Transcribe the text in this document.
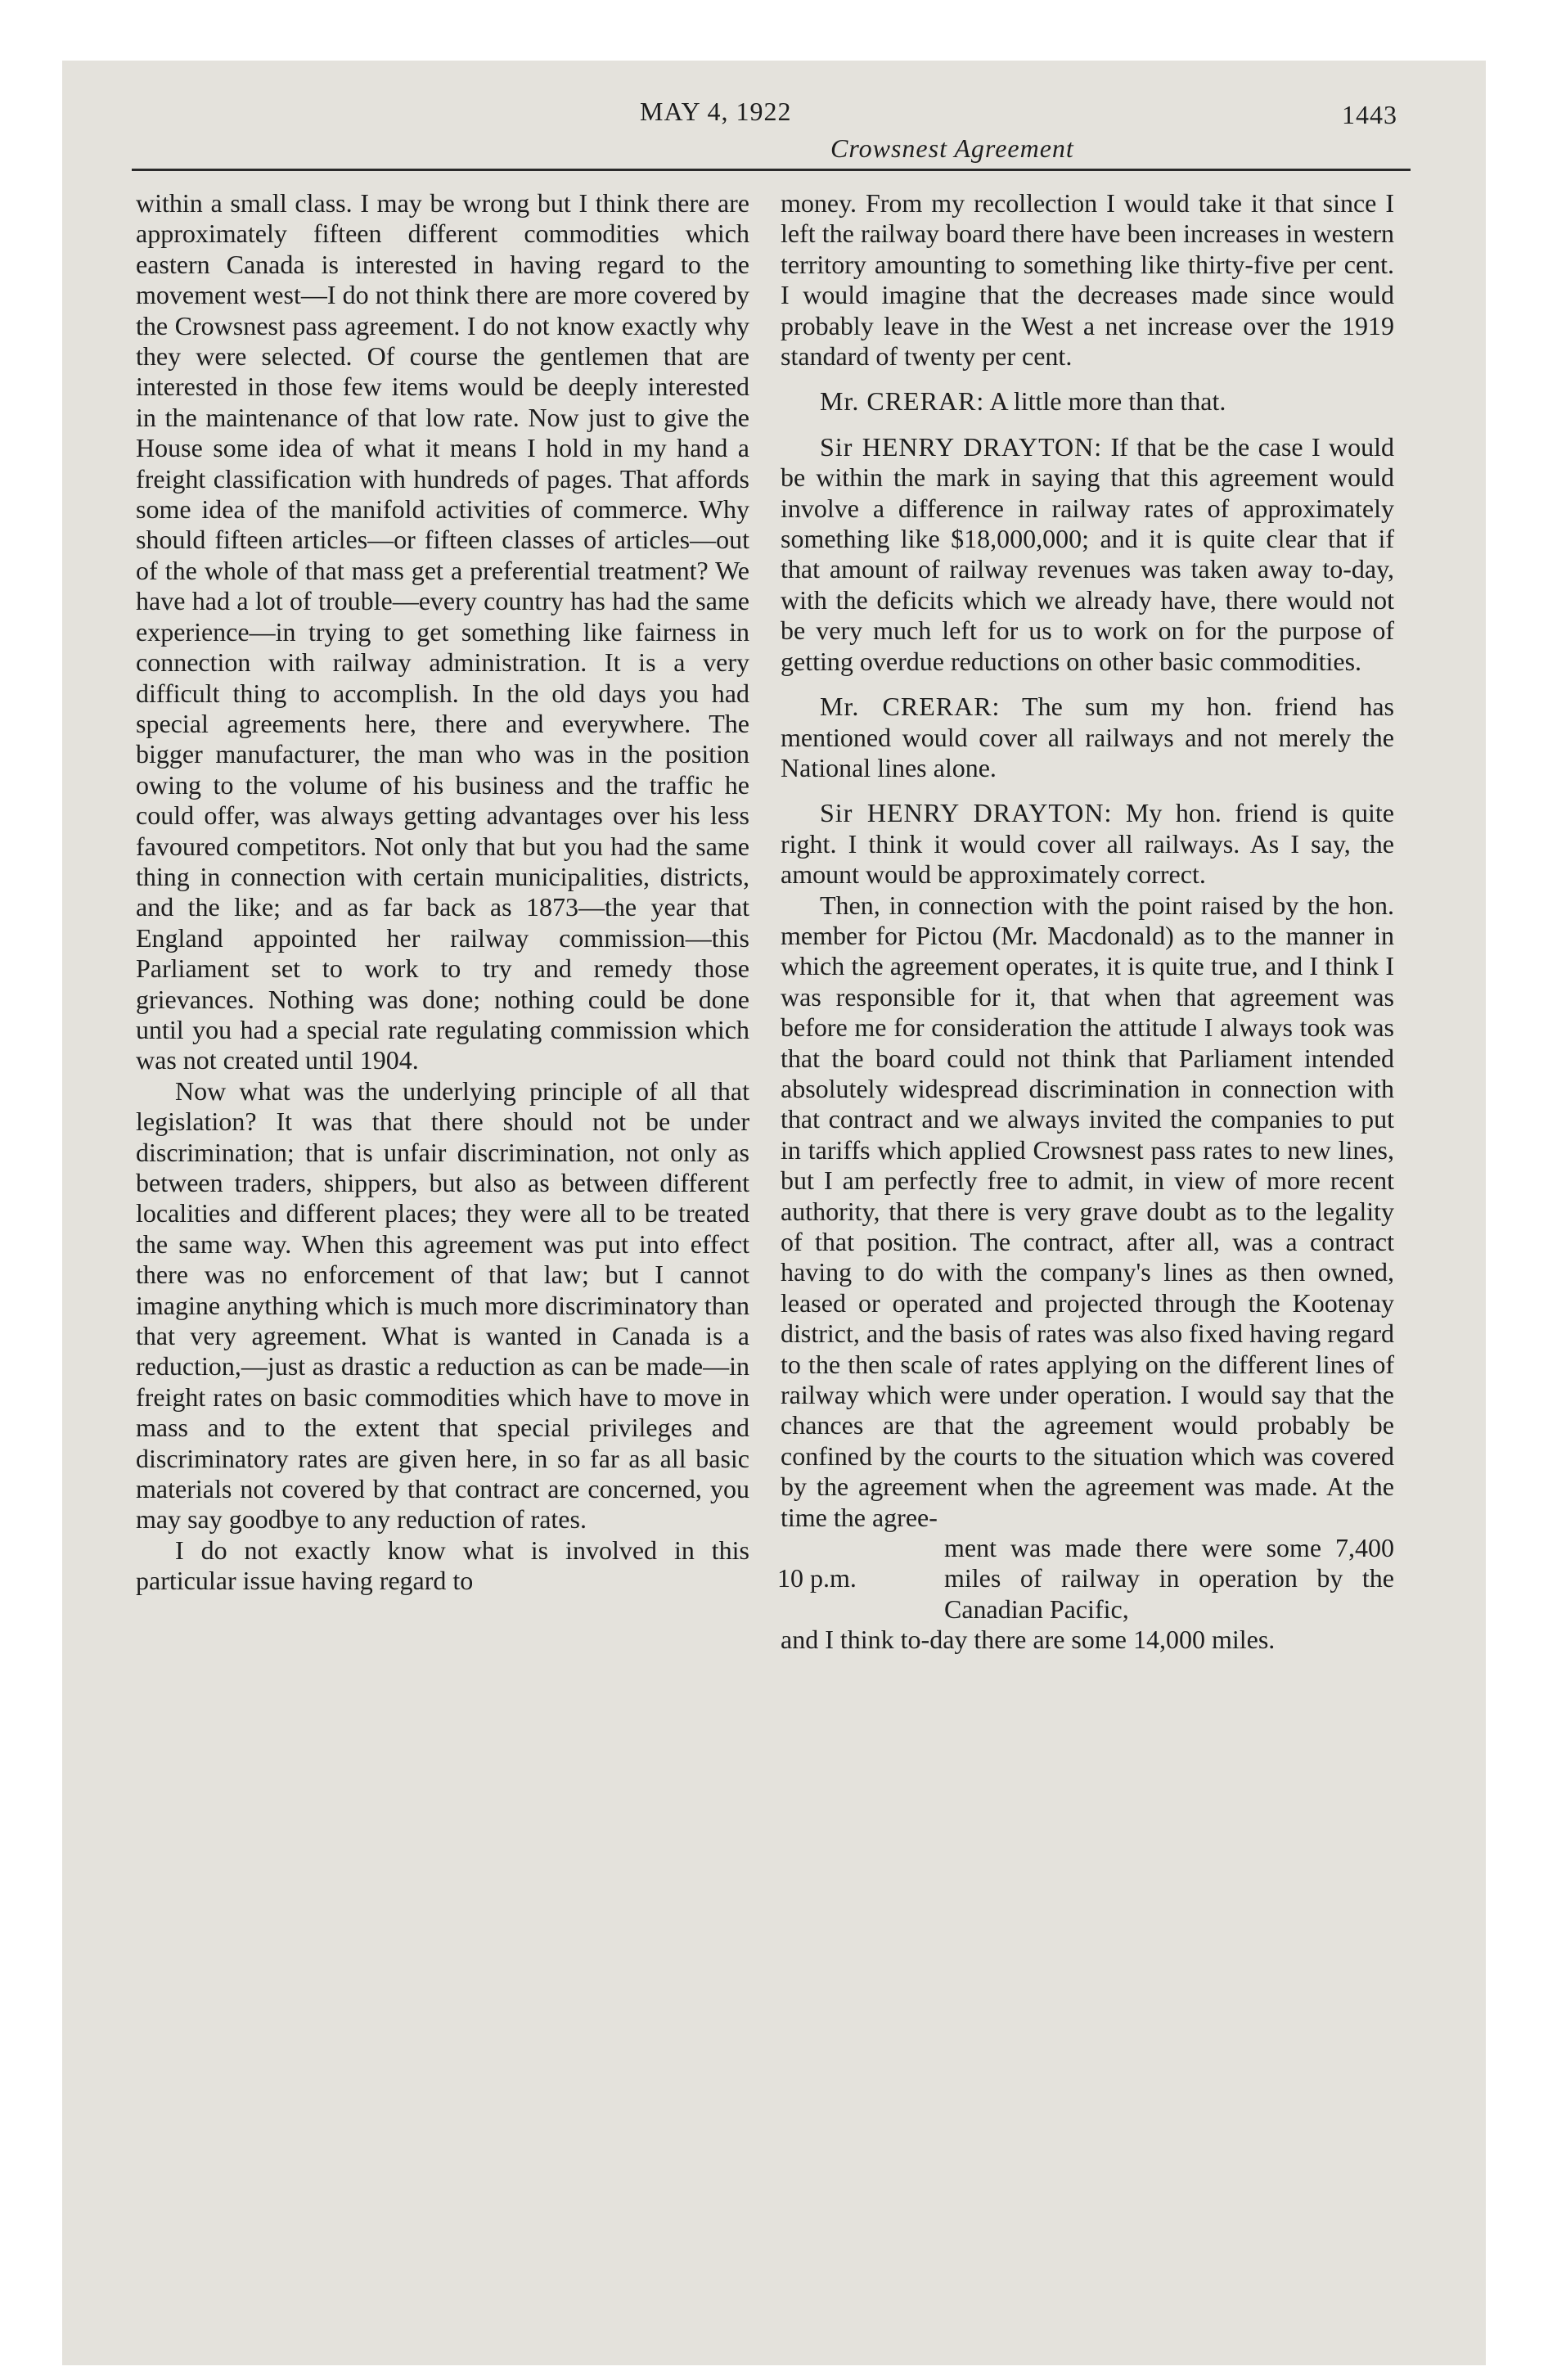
MAY 4, 1922	1443
Crowsnest Agreement

within a small class. I may be wrong but I think there are approximately fifteen different commodities which eastern Canada is interested in having regard to the movement west—I do not think there are more covered by the Crowsnest pass agreement. I do not know exactly why they were selected. Of course the gentlemen that are interested in those few items would be deeply interested in the maintenance of that low rate. Now just to give the House some idea of what it means I hold in my hand a freight classification with hundreds of pages. That affords some idea of the manifold activities of commerce. Why should fifteen articles—or fifteen classes of articles—out of the whole of that mass get a preferential treatment? We have had a lot of trouble—every country has had the same experience—in trying to get something like fairness in connection with railway administration. It is a very difficult thing to accomplish. In the old days you had special agreements here, there and everywhere. The bigger manufacturer, the man who was in the position owing to the volume of his business and the traffic he could offer, was always getting advantages over his less favoured competitors. Not only that but you had the same thing in connection with certain municipalities, districts, and the like; and as far back as 1873—the year that England appointed her railway commission—this Parliament set to work to try and remedy those grievances. Nothing was done; nothing could be done until you had a special rate regulating commission which was not created until 1904.

Now what was the underlying principle of all that legislation? It was that there should not be under discrimination; that is unfair discrimination, not only as between traders, shippers, but also as between different localities and different places; they were all to be treated the same way. When this agreement was put into effect there was no enforcement of that law; but I cannot imagine anything which is much more discriminatory than that very agreement. What is wanted in Canada is a reduction,—just as drastic a reduction as can be made—in freight rates on basic commodities which have to move in mass and to the extent that special privileges and discriminatory rates are given here, in so far as all basic materials not covered by that contract are concerned, you may say goodbye to any reduction of rates.

I do not exactly know what is involved in this particular issue having regard to

money. From my recollection I would take it that since I left the railway board there have been increases in western territory amounting to something like thirty-five per cent. I would imagine that the decreases made since would probably leave in the West a net increase over the 1919 standard of twenty per cent.

Mr. CRERAR: A little more than that.

Sir HENRY DRAYTON: If that be the case I would be within the mark in saying that this agreement would involve a difference in railway rates of approximately something like $18,000,000; and it is quite clear that if that amount of railway revenues was taken away to-day, with the deficits which we already have, there would not be very much left for us to work on for the purpose of getting overdue reductions on other basic commodities.

Mr. CRERAR: The sum my hon. friend has mentioned would cover all railways and not merely the National lines alone.

Sir HENRY DRAYTON: My hon. friend is quite right. I think it would cover all railways. As I say, the amount would be approximately correct.

Then, in connection with the point raised by the hon. member for Pictou (Mr. Macdonald) as to the manner in which the agreement operates, it is quite true, and I think I was responsible for it, that when that agreement was before me for consideration the attitude I always took was that the board could not think that Parliament intended absolutely widespread discrimination in connection with that contract and we always invited the companies to put in tariffs which applied Crowsnest pass rates to new lines, but I am perfectly free to admit, in view of more recent authority, that there is very grave doubt as to the legality of that position. The contract, after all, was a contract having to do with the company's lines as then owned, leased or operated and projected through the Kootenay district, and the basis of rates was also fixed having regard to the then scale of rates applying on the different lines of railway which were under operation. I would say that the chances are that the agreement would probably be confined by the courts to the situation which was covered by the agreement when the agreement was made. At the time the agree-

10 p.m.

ment was made there were some 7,400 miles of railway in operation by the Canadian Pacific,

and I think to-day there are some 14,000 miles.
